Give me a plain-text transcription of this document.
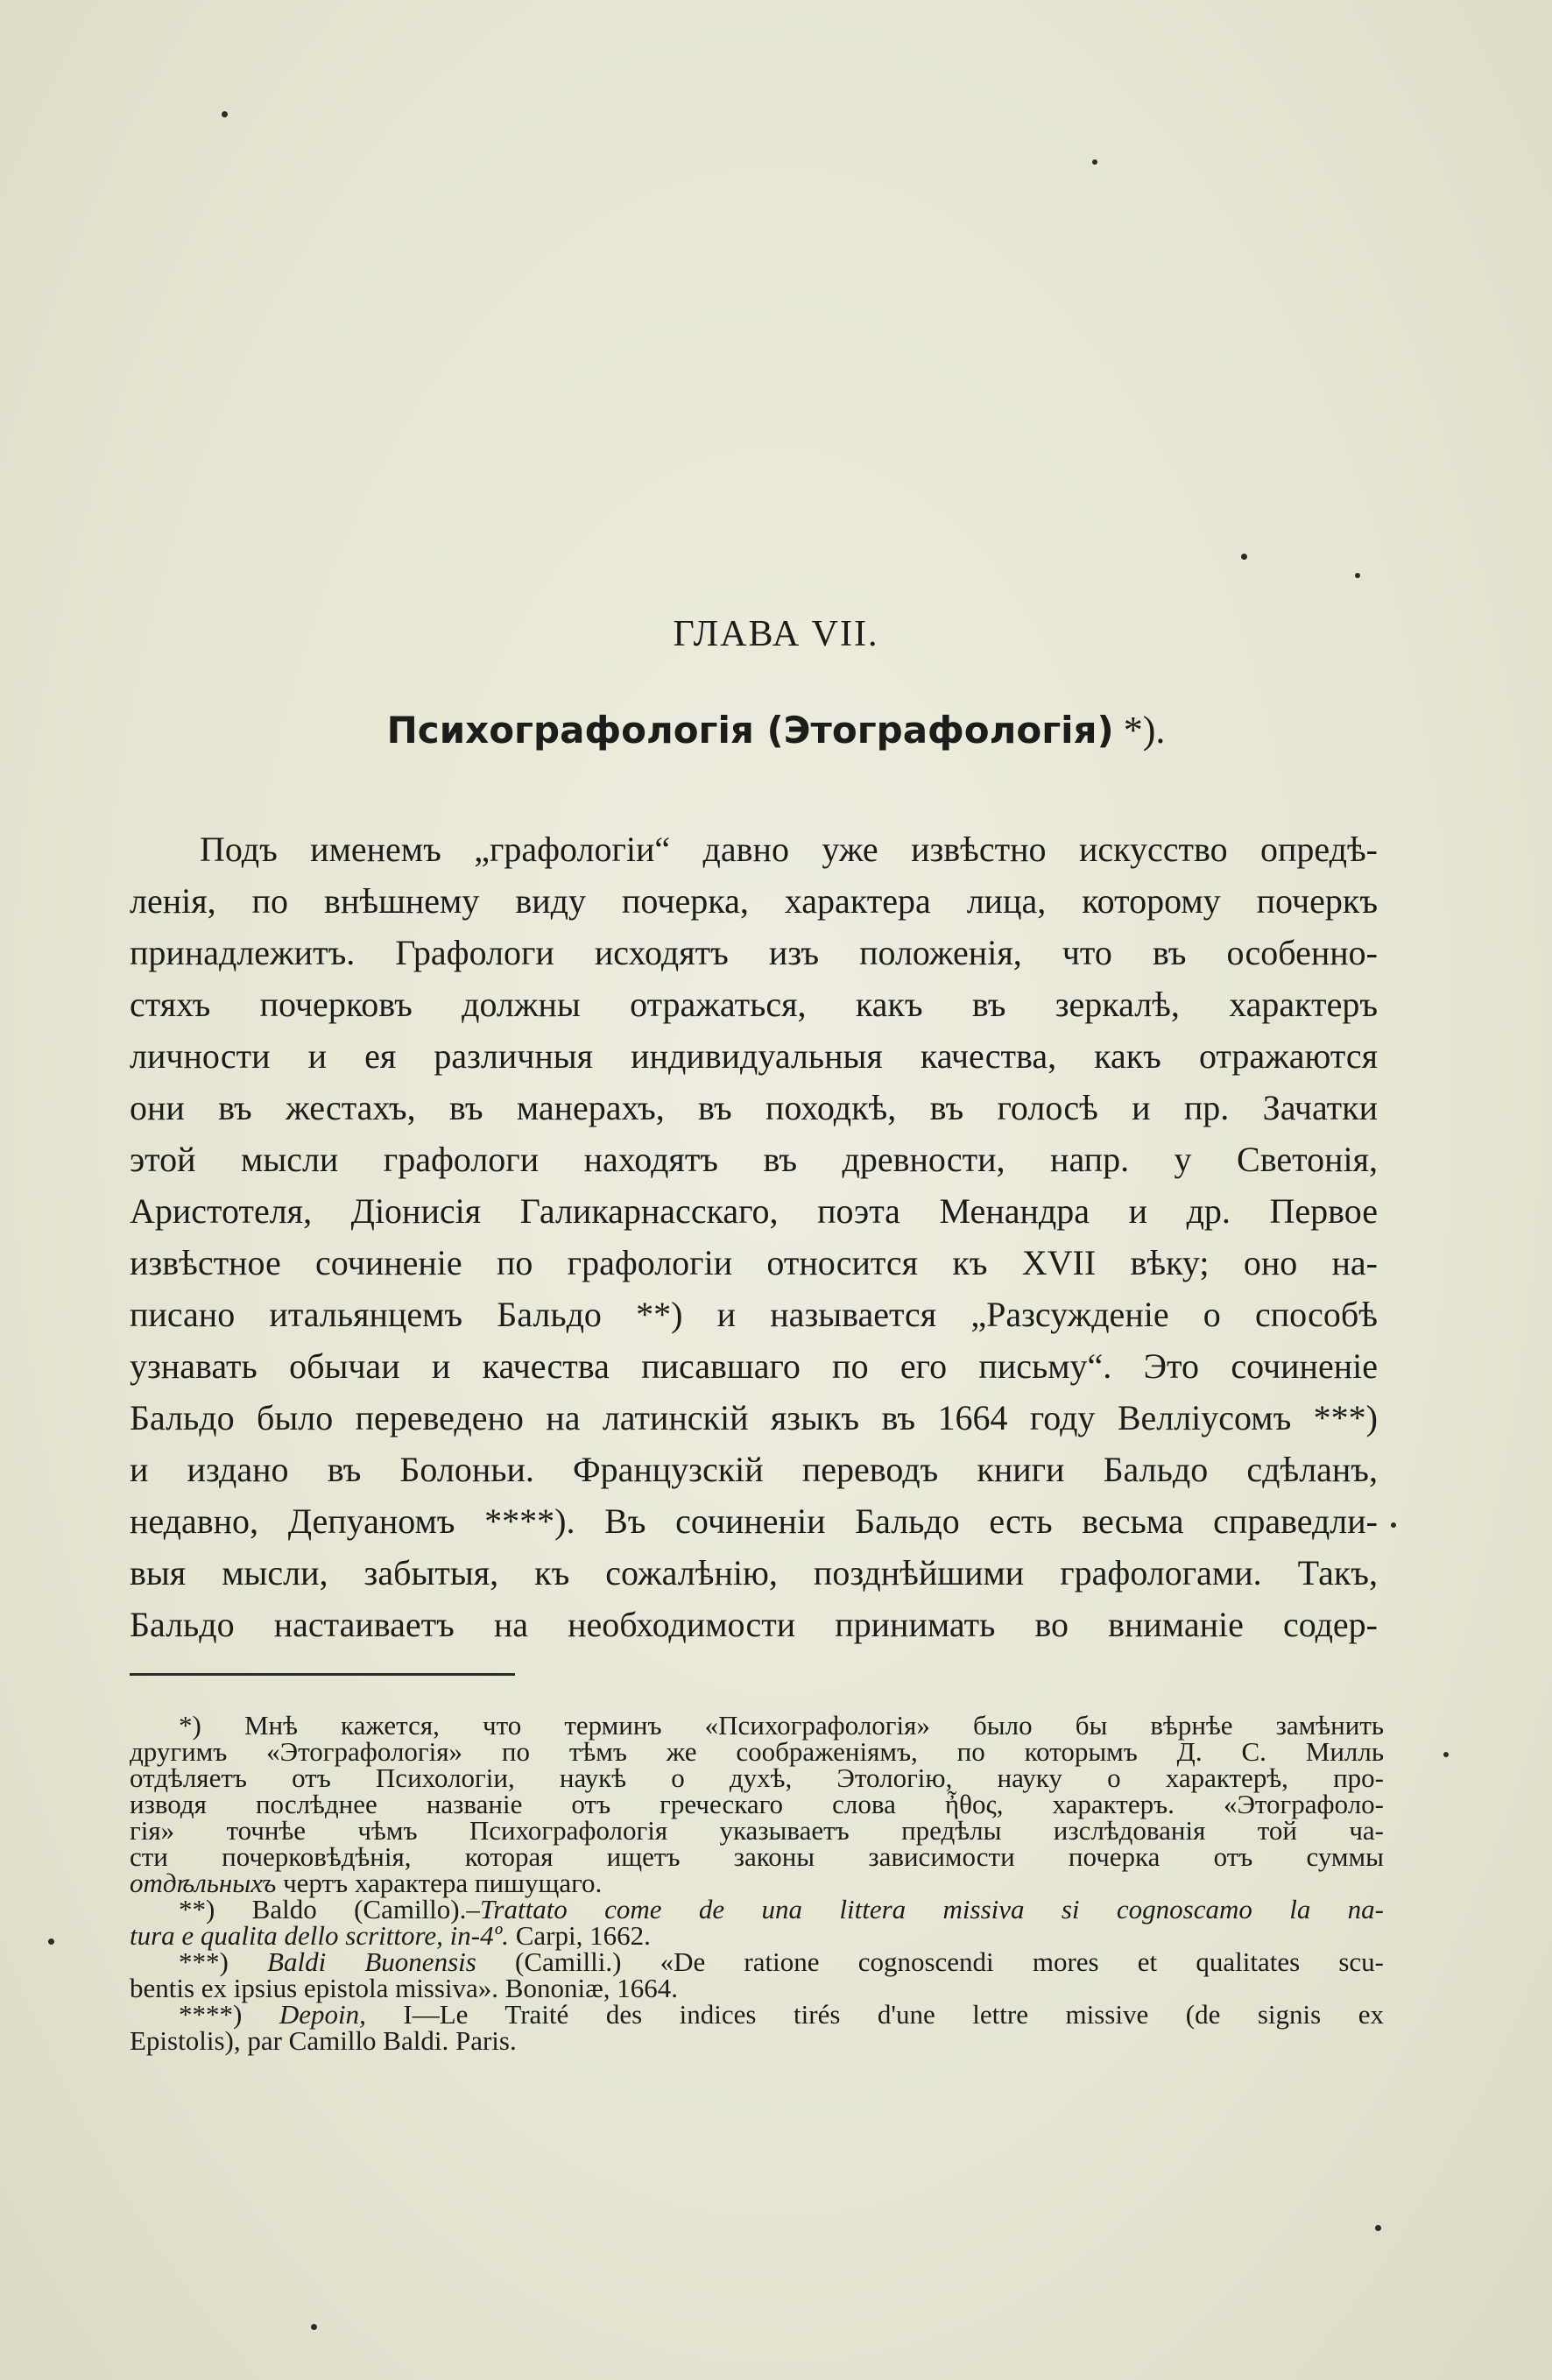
ГЛАВА VII.
Психографологія (Этографологія) *).
Подъ именемъ „графологіи“ давно уже извѣстно искусство опредѣ-
ленія, по внѣшнему виду почерка, характера лица, которому почеркъ
принадлежитъ. Графологи исходятъ изъ положенія, что въ особенно-
стяхъ почерковъ должны отражаться, какъ въ зеркалѣ, характеръ
личности и ея различныя индивидуальныя качества, какъ отражаются
они въ жестахъ, въ манерахъ, въ походкѣ, въ голосѣ и пр. Зачатки
этой мысли графологи находятъ въ древности, напр. у Светонія,
Аристотеля, Діонисія Галикарнасскаго, поэта Менандра и др. Первое
извѣстное сочиненіе по графологіи относится къ XVII вѣку; оно на-
писано итальянцемъ Бальдо **) и называется „Разсужденіе о способѣ
узнавать обычаи и качества писавшаго по его письму“. Это сочиненіе
Бальдо было переведено на латинскій языкъ въ 1664 году Веллiусомъ ***)
и издано въ Болоньи. Французскій переводъ книги Бальдо сдѣланъ,
недавно, Депуаномъ ****). Въ сочиненіи Бальдо есть весьма справедли-
выя мысли, забытыя, къ сожалѣнію, позднѣйшими графологами. Такъ,
Бальдо настаиваетъ на необходимости принимать во вниманіе содер-
*) Мнѣ кажется, что терминъ «Психографологія» было бы вѣрнѣе замѣнить
другимъ «Этографологія» по тѣмъ же соображеніямъ, по которымъ Д. С. Милль
отдѣляетъ отъ Психологіи, наукѣ о духѣ, Этологію, науку о характерѣ, про-
изводя послѣднее названіе отъ греческаго слова ἦθος, характеръ. «Этографоло-
гія» точнѣе чѣмъ Психографологія указываетъ предѣлы изслѣдованія той ча-
сти почерковѣдѣнія, которая ищетъ законы зависимости почерка отъ суммы
отдѣльныхъ чертъ характера пишущаго.
**) Baldo (Camillo).–Trattato come de una littera missiva si cognoscamo la na-
tura e qualita dello scrittore, in-4º. Carpi, 1662.
***) Baldi Buonensis (Camilli.) «De ratione cognoscendi mores et qualitates scu-
bentis ex ipsius epistola missiva». Bononiæ, 1664.
****) Depoin, I—Le Traité des indices tirés d'une lettre missive (de signis ex
Epistolis), par Camillo Baldi. Paris.
